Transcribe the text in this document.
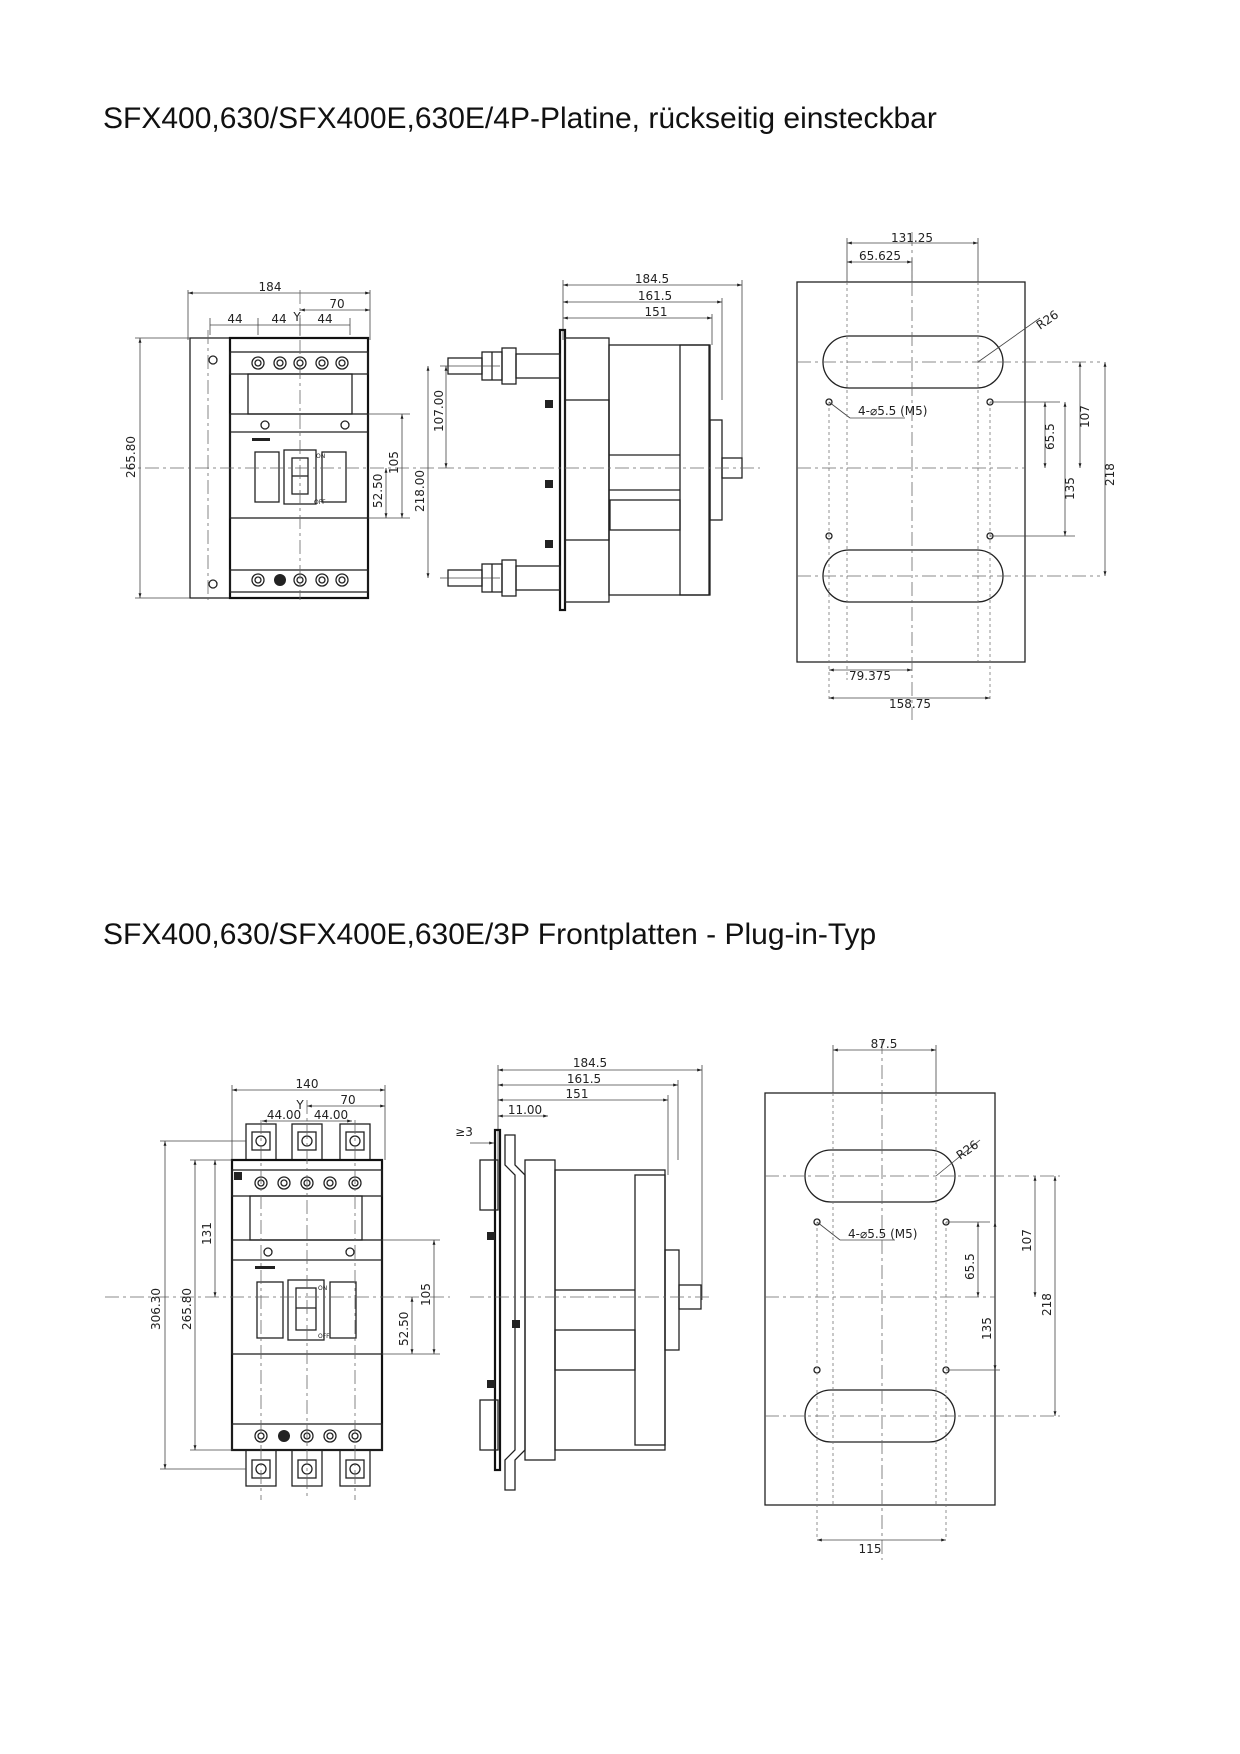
SFX400,630/SFX400E,630E/4P-Platine, rückseitig einsteckbar
SFX400,630/SFX400E,630E/3P Frontplatten - Plug-in-Typ
ON
OFF
184
70
44 44 Y 44
265.80	105
52.50
184.5
161.5
151
107.00
218.00
131.25
65.625
R26
4-⌀5.5 (M5)
65.5
107
135
218
79.375
158.75
ON
OFF
140
70
Y
44.00 44.00
306.30 265.80
131
105
52.50
184.5
161.5
151
11.00
≥3
87.5
R26
4-⌀5.5 (M5)
65.5
107
135
218
115
